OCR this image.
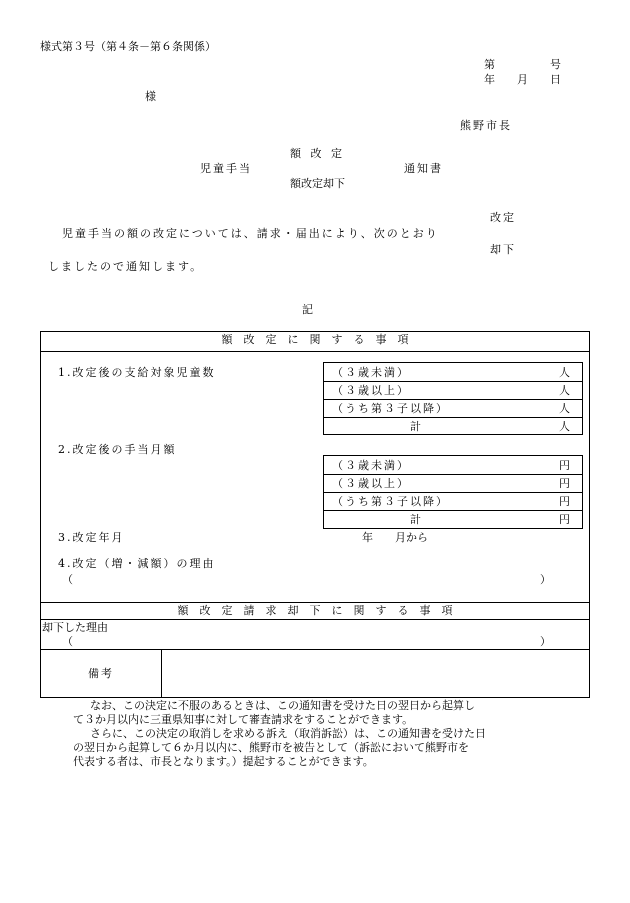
様式第３号（第４条－第６条関係）
第　　　　　号
年　　月　　日
様
熊野市長
額 改 定
児童手当	通知書
額改定却下
改定
児童手当の額の改定については、請求・届出により、次のとおり
却下
しましたので通知します。
記
額　改　定　に　関　す　る　事　項
1.改定後の支給対象児童数	（３歳未満）	人
（３歳以上）	人
（うち第３子以降）	人
計	人
2.改定後の手当月額
（３歳未満）	円
（３歳以上）	円
（うち第３子以降）	円
計	円
3.改定年月	年　　月から
4.改定（増・減額）の理由
（	）
額　改　定　請　求　却　下　に　関　す　る　事　項
却下した理由
（	）
備考
なお、この決定に不服のあるときは、この通知書を受けた日の翌日から起算し
て３か月以内に三重県知事に対して審査請求をすることができます。
さらに、この決定の取消しを求める訴え（取消訴訟）は、この通知書を受けた日
の翌日から起算して６か月以内に、熊野市を被告として（訴訟において熊野市を
代表する者は、市長となります。）提起することができます。
